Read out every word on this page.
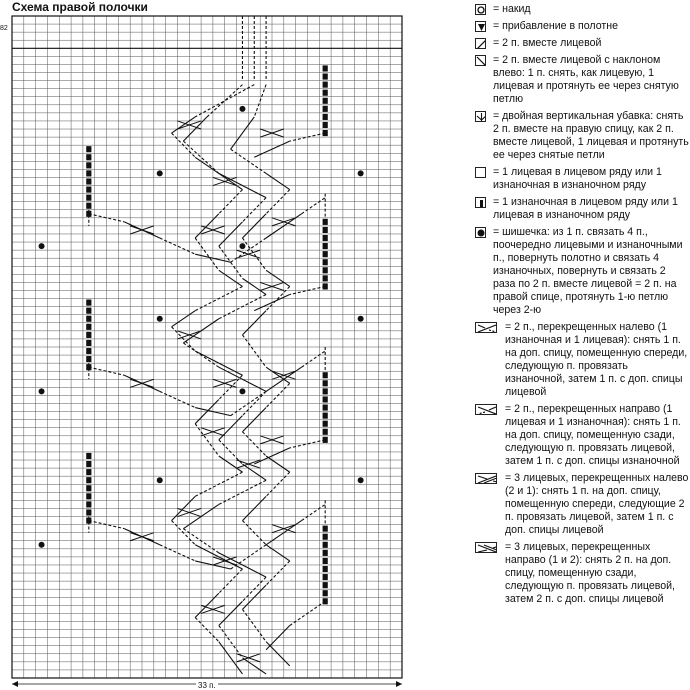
Схема правой полочки
82
33 п.
= накид
= прибавление в полотне
= 2 п. вместе лицевой
= 2 п. вместе лицевой с наклоном влево: 1 п. снять, как лицевую, 1 лицевая и протянуть ее через снятую петлю
= двойная вертикальная убавка: снять 2 п. вместе на правую спицу, как 2 п. вместе лицевой, 1 лицевая и протянуть ее через снятые петли
= 1 лицевая в лицевом ряду или 1 изнаночная в изнаночном ряду
= 1 изнаночная в лицевом ряду или 1 лицевая в изнаночном ряду
= шишечка: из 1 п. связать 4 п., поочередно лицевыми и изнаночными п., повернуть полотно и связать 4 изнаночных, повернуть и связать 2 раза по 2 п. вместе лицевой = 2 п. на правой спице, протянуть 1-ю петлю через 2-ю
= 2 п., перекрещенных налево (1 изнаночная и 1 лицевая): снять 1 п. на доп. спицу, помещенную спереди, следующую п. провязать изнаночной, затем 1 п. с доп. спицы лицевой
= 2 п., перекрещенных направо (1 лицевая и 1 изнаночная): снять 1 п. на доп. спицу, помещенную сзади, следующую п. провязать лицевой, затем 1 п. с доп. спицы изнаночной
= 3 лицевых, перекрещенных налево (2 и 1): снять 1 п. на доп. спицу, помещенную спереди, следующие 2 п. провязать лицевой, затем 1 п. с доп. спицы лицевой
= 3 лицевых, перекрещенных направо (1 и 2): снять 2 п. на доп. спицу, помещенную сзади, следующую п. провязать лицевой, затем 2 п. с доп. спицы лицевой
